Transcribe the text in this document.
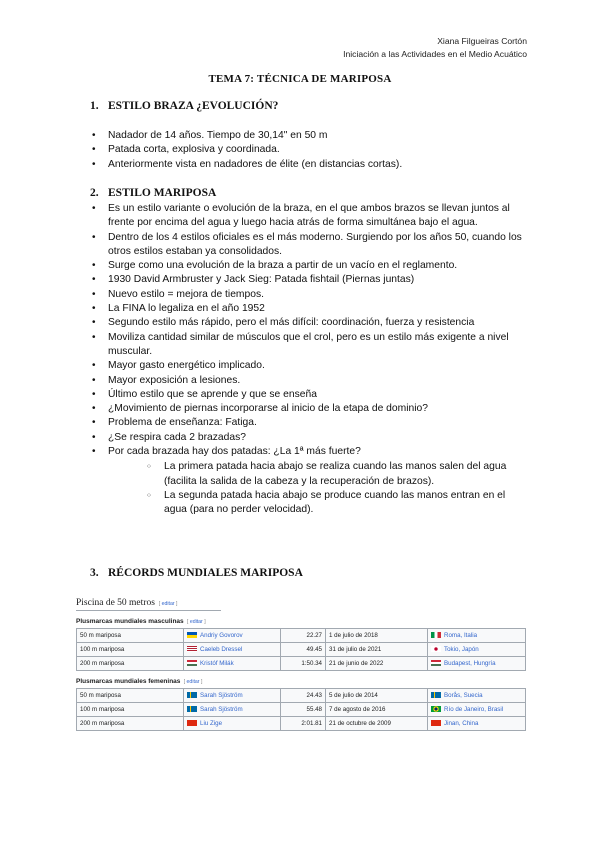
Xiana Filgueiras Cortón
Iniciación a las Actividades en el Medio Acuático
TEMA 7: TÉCNICA DE MARIPOSA
1. ESTILO BRAZA ¿EVOLUCIÓN?
• Nadador de 14 años. Tiempo de 30,14" en 50 m
• Patada corta, explosiva y coordinada.
• Anteriormente vista en nadadores de élite (en distancias cortas).
2. ESTILO MARIPOSA
• Es un estilo variante o evolución de la braza, en el que ambos brazos se llevan juntos al frente por encima del agua y luego hacia atrás de forma simultánea bajo el agua.
• Dentro de los 4 estilos oficiales es el más moderno. Surgiendo por los años 50, cuando los otros estilos estaban ya consolidados.
• Surge como una evolución de la braza a partir de un vacío en el reglamento.
• 1930 David Armbruster y Jack Sieg: Patada fishtail (Piernas juntas)
• Nuevo estilo = mejora de tiempos.
• La FINA lo legaliza en el año 1952
• Segundo estilo más rápido, pero el más difícil: coordinación, fuerza y resistencia
• Moviliza cantidad similar de músculos que el crol, pero es un estilo más exigente a nivel muscular.
• Mayor gasto energético implicado.
• Mayor exposición a lesiones.
• Último estilo que se aprende y que se enseña
• ¿Movimiento de piernas incorporarse al inicio de la etapa de dominio?
• Problema de enseñanza: Fatiga.
• ¿Se respira cada 2 brazadas?
• Por cada brazada hay dos patadas: ¿La 1ª más fuerte?
○ La primera patada hacia abajo se realiza cuando las manos salen del agua (facilita la salida de la cabeza y la recuperación de brazos).
○ La segunda patada hacia abajo se produce cuando las manos entran en el agua (para no perder velocidad).
3. RÉCORDS MUNDIALES MARIPOSA
Piscina de 50 metros  [ editar ]
Plusmarcas mundiales masculinas  [ editar ]
50 m mariposa	Andriy Govorov	22.27	1 de julio de 2018	Roma, Italia
100 m mariposa	Caeleb Dressel	49.45	31 de julio de 2021	Tokio, Japón
200 m mariposa	Kristóf Milák	1:50.34	21 de junio de 2022	Budapest, Hungría
Plusmarcas mundiales femeninas  [ editar ]
50 m mariposa	Sarah Sjöström	24.43	5 de julio de 2014	Borås, Suecia
100 m mariposa	Sarah Sjöström	55.48	7 de agosto de 2016	Río de Janeiro, Brasil
200 m mariposa	Liu Zige	2:01.81	21 de octubre de 2009	Jinan, China
